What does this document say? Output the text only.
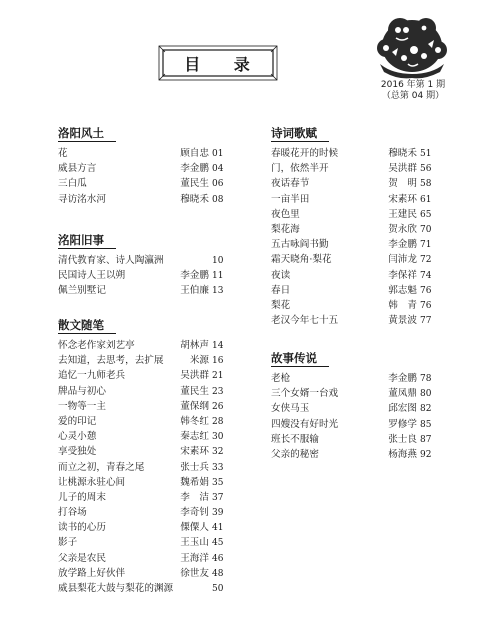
目 录
2016 年第 1 期
（总第 04 期）
洛阳风土
花	顾自忠 01
威县方言	李金鹏 04
三白瓜	董民生 06
寻访洺水河	穆晓禾 08
洺阳旧事
清代教育家、诗人陶瀛洲	10
民国诗人王以朔	李金鹏 11
佩兰别墅记	王伯廉 13
散文随笔
怀念老作家刘艺亭	胡林声 14
去知道，去思考，去扩展	米源 16
追忆一九师老兵	吴洪群 21
牌品与初心	董民生 23
一物等一主	董保纲 26
爱的印记	韩冬红 28
心灵小憩	秦志红 30
享受独处	宋素环 32
而立之初，青春之尾	张士兵 33
让桃源永驻心间	魏希娟 35
儿子的周末	李　洁 37
打谷场	李奇钊 39
读书的心历	傈僳人 41
影子	王玉山 45
父亲是农民	王海洋 46
放学路上好伙伴	徐世友 48
威县梨花大鼓与梨花的渊源	50
诗词歌赋
春暖花开的时候	穆晓禾 51
门，依然半开	吴洪群 56
夜话春节	贺　明 58
一亩半田	宋素环 61
夜色里	王建民 65
梨花海	贺永欣 70
五古咏阎书勤	李金鹏 71
霜天晓角·梨花	闫沛龙 72
夜读	李保祥 74
春日	郭志魁 76
梨花	韩　青 76
老汉今年七十五	黄景波 77
故事传说
老枪	李金鹏 78
三个女婿一台戏	董凤鼎 80
女侠马玉	邱宏图 82
四嫂没有好时光	罗修学 85
班长不服输	张士良 87
父亲的秘密	杨海燕 92
